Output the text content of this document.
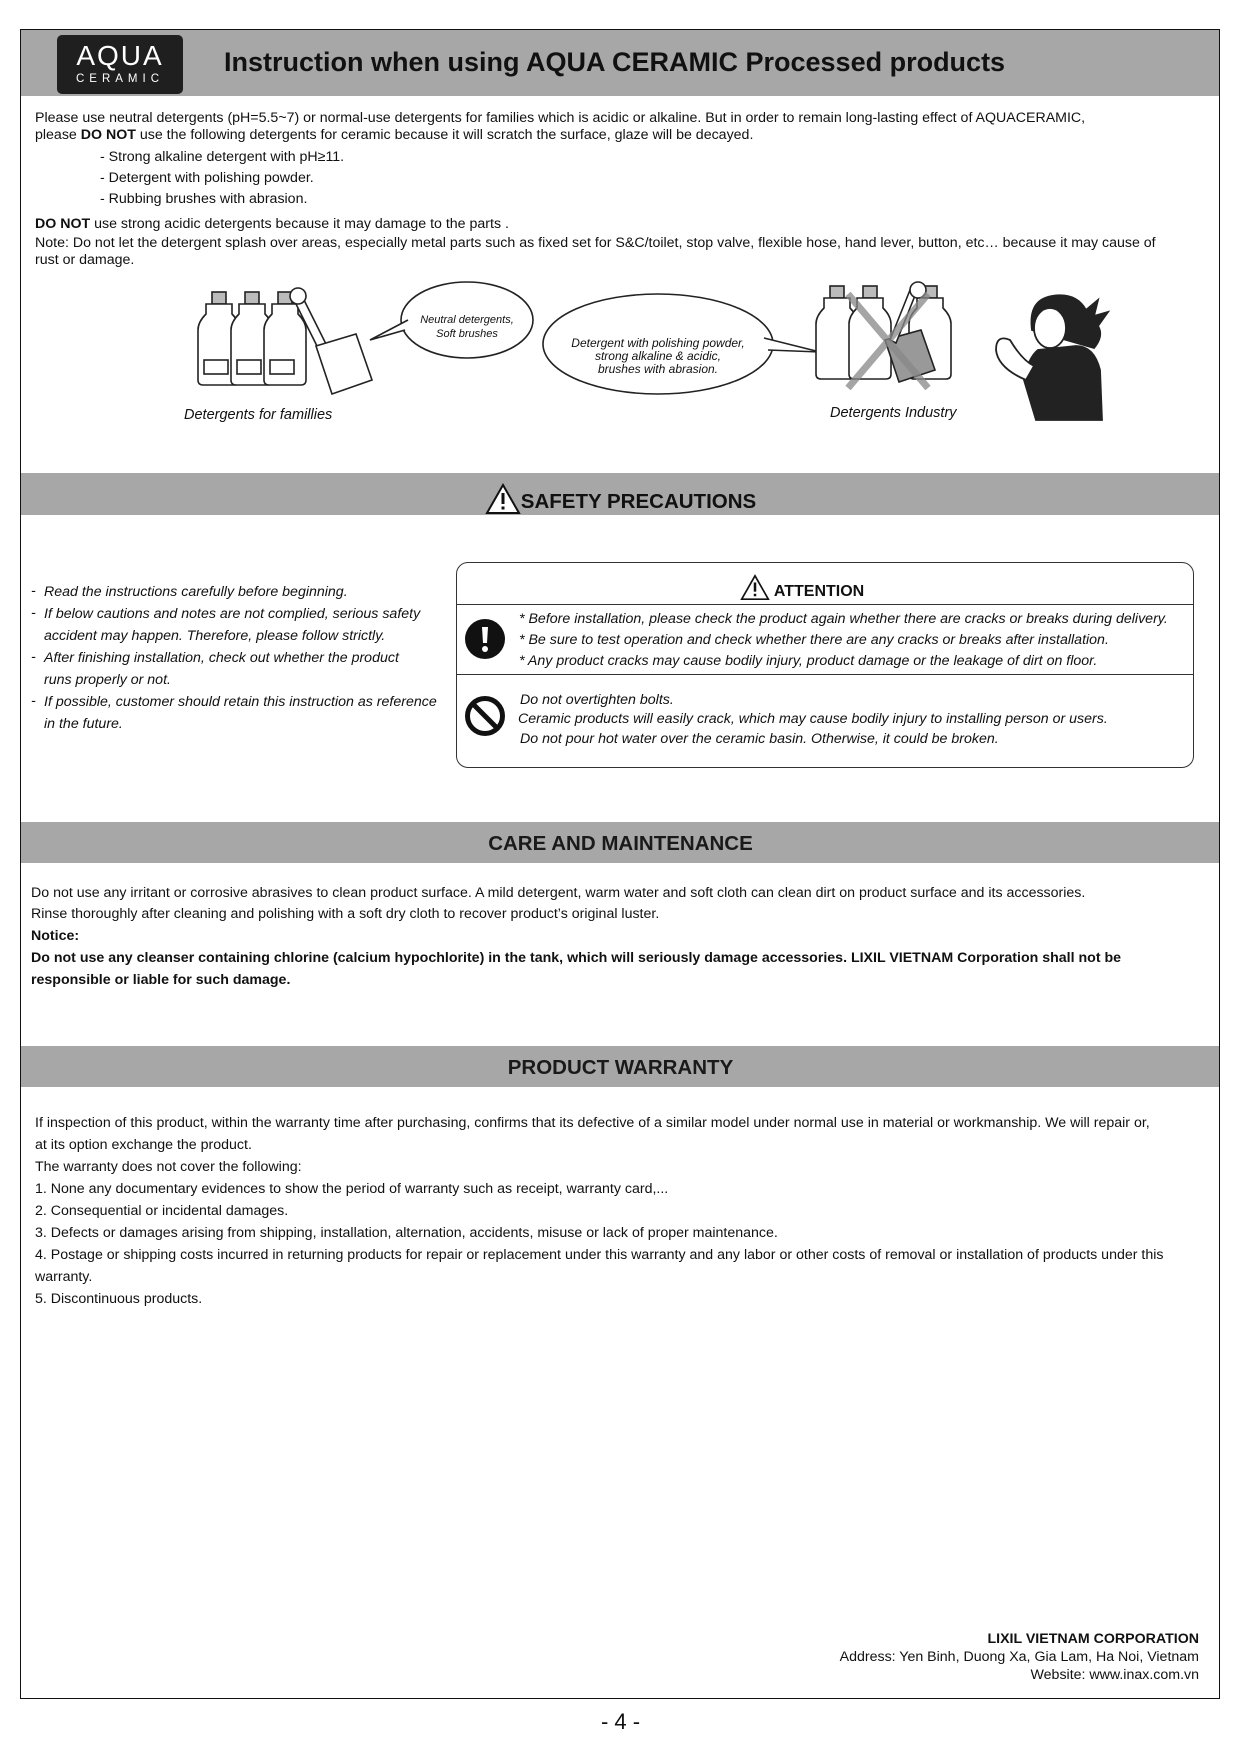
AQUA
CERAMIC
Instruction when using AQUA CERAMIC Processed products
Please use neutral detergents (pH=5.5~7) or normal-use detergents for families which is acidic or alkaline. But in order to remain long-lasting effect of AQUACERAMIC,
please DO NOT use the following detergents for ceramic because it will scratch the surface, glaze will be decayed.
- Strong alkaline detergent with pH≥11.
- Detergent with polishing powder.
- Rubbing brushes with abrasion.
DO NOT use strong acidic detergents because it may damage to the parts .
Note: Do not let the detergent splash over areas, especially metal parts such as fixed set for S&C/toilet, stop valve, flexible hose, hand lever, button, etc… because it may cause of
rust or damage.
Neutral detergents,
Soft brushes
Detergent with polishing powder,
strong alkaline & acidic,
brushes with abrasion.
Detergents for famillies	Detergents Industry
SAFETY PRECAUTIONS
- Read the instructions carefully before beginning.
- If below cautions and notes are not complied, serious safety
accident may happen. Therefore, please follow strictly.
- After finishing installation, check out whether the product
runs properly or not.
- If possible, customer should retain this instruction as reference
in the future.
ATTENTION
* Before installation, please check the product again whether there are cracks or breaks during delivery.
* Be sure to test operation and check whether there are any cracks or breaks after installation.
* Any product cracks may cause bodily injury, product damage or the leakage of dirt on floor.
Do not overtighten bolts.
Ceramic products will easily crack, which may cause bodily injury to installing person or users.
Do not pour hot water over the ceramic basin. Otherwise, it could be broken.
CARE AND MAINTENANCE
Do not use any irritant or corrosive abrasives to clean product surface. A mild detergent, warm water and soft cloth can clean dirt on product surface and its accessories.
Rinse thoroughly after cleaning and polishing with a soft dry cloth to recover product’s original luster.
Notice:
Do not use any cleanser containing chlorine (calcium hypochlorite) in the tank, which will seriously damage accessories. LIXIL VIETNAM Corporation shall not be
responsible or liable for such damage.
PRODUCT WARRANTY
If inspection of this product, within the warranty time after purchasing, confirms that its defective of a similar model under normal use in material or workmanship. We will repair or,
at its option exchange the product.
The warranty does not cover the following:
1. None any documentary evidences to show the period of warranty such as receipt, warranty card,...
2. Consequential or incidental damages.
3. Defects or damages arising from shipping, installation, alternation, accidents, misuse or lack of proper maintenance.
4. Postage or shipping costs incurred in returning products for repair or replacement under this warranty and any labor or other costs of removal or installation of products under this
warranty.
5. Discontinuous products.
LIXIL VIETNAM CORPORATION
Address: Yen Binh, Duong Xa, Gia Lam, Ha Noi, Vietnam
Website: www.inax.com.vn
- 4 -
